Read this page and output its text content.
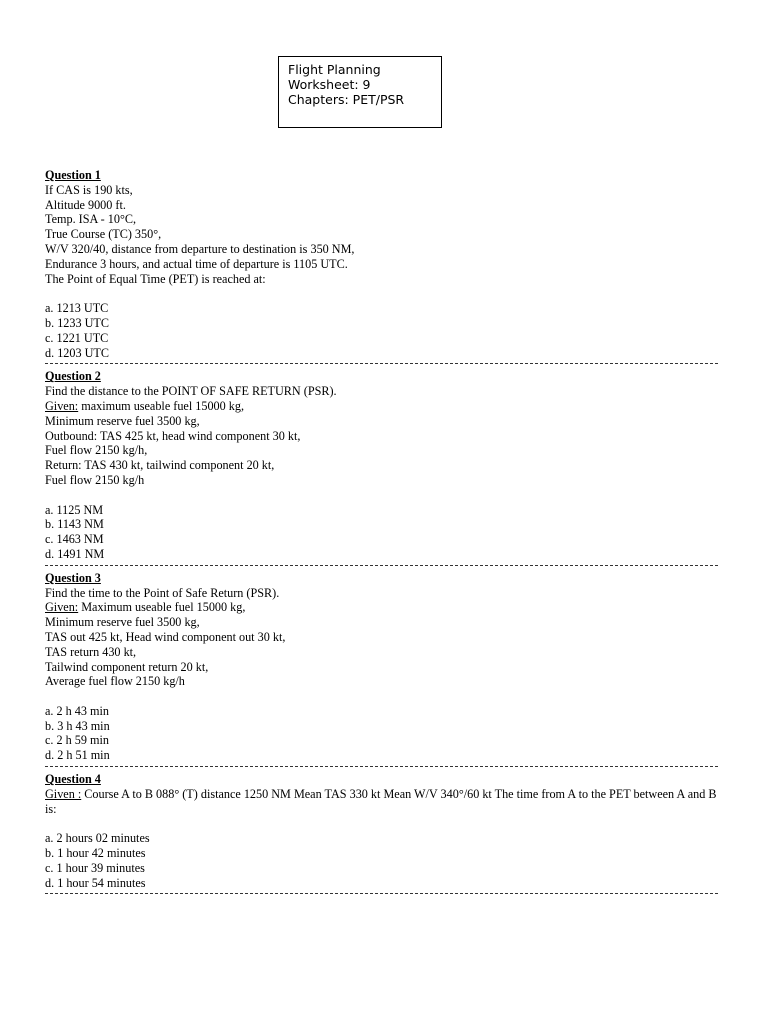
Flight Planning
Worksheet: 9
Chapters: PET/PSR
Question 1
If CAS is 190 kts,
Altitude 9000 ft.
Temp. ISA - 10°C,
True Course (TC) 350°,
W/V 320/40, distance from departure to destination is 350 NM,
Endurance 3 hours, and actual time of departure is 1105 UTC.
The Point of Equal Time (PET) is reached at:
a. 1213 UTC
b. 1233 UTC
c. 1221 UTC
d. 1203 UTC
Question 2
Find the distance to the POINT OF SAFE RETURN (PSR).
Given: maximum useable fuel 15000 kg,
Minimum reserve fuel 3500 kg,
Outbound: TAS 425 kt, head wind component 30 kt,
Fuel flow 2150 kg/h,
Return: TAS 430 kt, tailwind component 20 kt,
Fuel flow 2150 kg/h
a. 1125 NM
b. 1143 NM
c. 1463 NM
d. 1491 NM
Question 3
Find the time to the Point of Safe Return (PSR).
Given: Maximum useable fuel 15000 kg,
Minimum reserve fuel 3500 kg,
TAS out 425 kt, Head wind component out 30 kt,
TAS return 430 kt,
Tailwind component return 20 kt,
Average fuel flow 2150 kg/h
a. 2 h 43 min
b. 3 h 43 min
c. 2 h 59 min
d. 2 h 51 min
Question 4
Given : Course A to B 088° (T) distance 1250 NM Mean TAS 330 kt Mean W/V 340°/60 kt The time from A to the PET between A and B is:
a. 2 hours 02 minutes
b. 1 hour 42 minutes
c. 1 hour 39 minutes
d. 1 hour 54 minutes
